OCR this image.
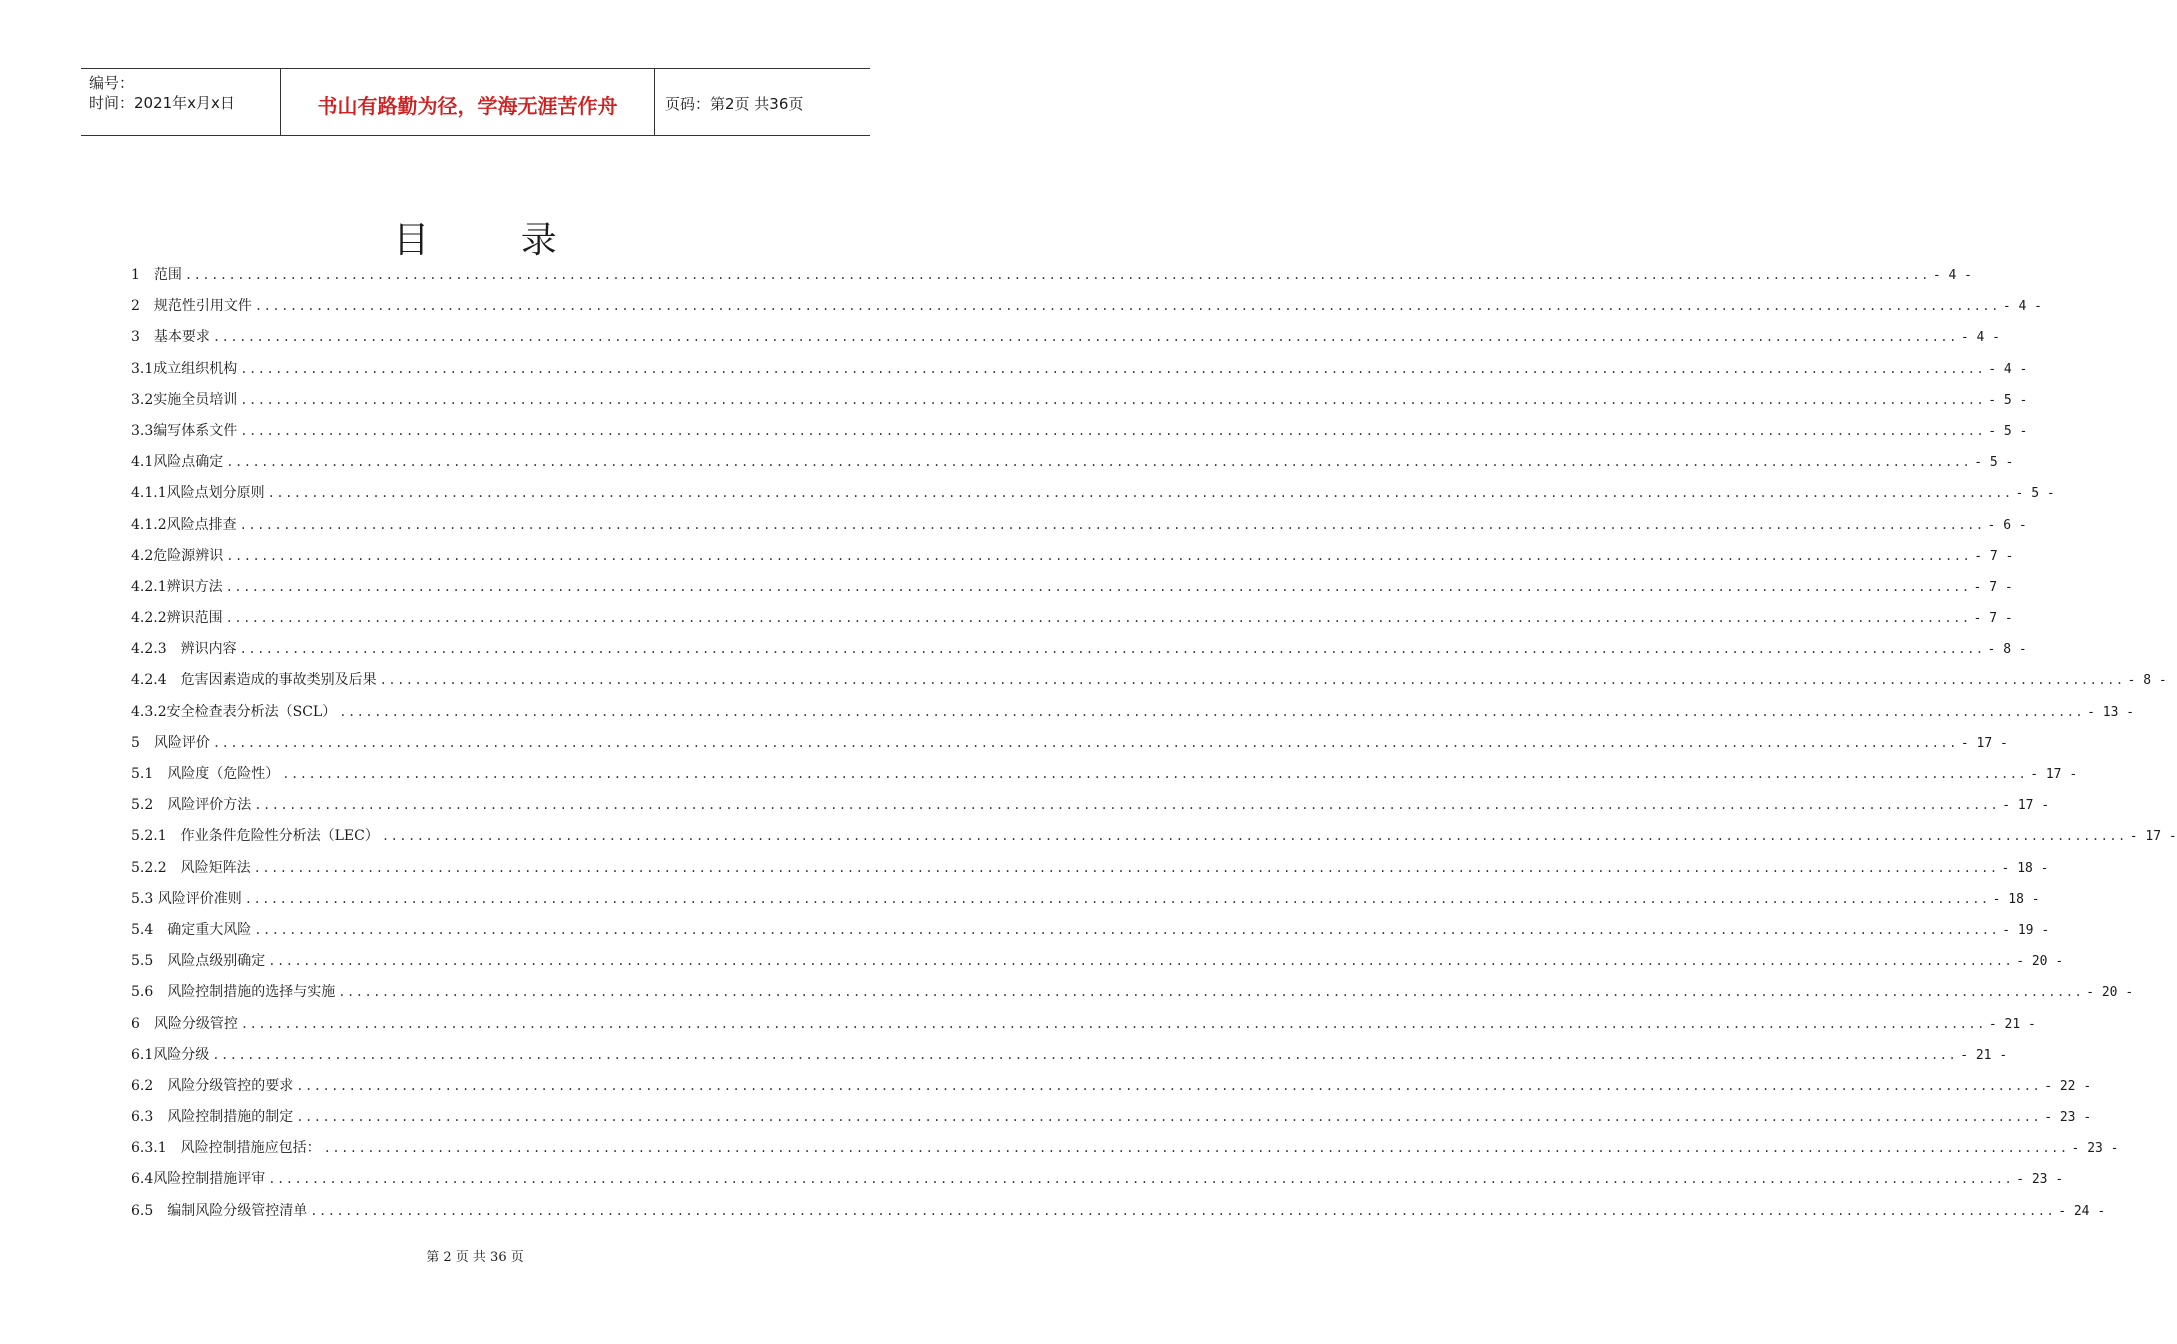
编号：
时间：2021年x月x日	书山有路勤为径，学海无涯苦作舟	页码：第2页 共36页
目 录
1　范围 ........................................................................................................................................................................................................ - 4 -
2　规范性引用文件 ........................................................................................................................................................................................................ - 4 -
3　基本要求 ........................................................................................................................................................................................................ - 4 -
3.1成立组织机构 ........................................................................................................................................................................................................ - 4 -
3.2实施全员培训 ........................................................................................................................................................................................................ - 5 -
3.3编写体系文件 ........................................................................................................................................................................................................ - 5 -
4.1风险点确定 ........................................................................................................................................................................................................ - 5 -
4.1.1风险点划分原则 ........................................................................................................................................................................................................ - 5 -
4.1.2风险点排查 ........................................................................................................................................................................................................ - 6 -
4.2危险源辨识 ........................................................................................................................................................................................................ - 7 -
4.2.1辨识方法 ........................................................................................................................................................................................................ - 7 -
4.2.2辨识范围 ........................................................................................................................................................................................................ - 7 -
4.2.3　辨识内容 ........................................................................................................................................................................................................ - 8 -
4.2.4　危害因素造成的事故类别及后果 ........................................................................................................................................................................................................ - 8 -
4.3.2安全检查表分析法（SCL） ........................................................................................................................................................................................................ - 13 -
5　风险评价 ........................................................................................................................................................................................................ - 17 -
5.1　风险度（危险性） ........................................................................................................................................................................................................ - 17 -
5.2　风险评价方法 ........................................................................................................................................................................................................ - 17 -
5.2.1　作业条件危险性分析法（LEC） ........................................................................................................................................................................................................ - 17 -
5.2.2　风险矩阵法 ........................................................................................................................................................................................................ - 18 -
5.3 风险评价准则 ........................................................................................................................................................................................................ - 18 -
5.4　确定重大风险 ........................................................................................................................................................................................................ - 19 -
5.5　风险点级别确定 ........................................................................................................................................................................................................ - 20 -
5.6　风险控制措施的选择与实施 ........................................................................................................................................................................................................ - 20 -
6　风险分级管控 ........................................................................................................................................................................................................ - 21 -
6.1风险分级 ........................................................................................................................................................................................................ - 21 -
6.2　风险分级管控的要求 ........................................................................................................................................................................................................ - 22 -
6.3　风险控制措施的制定 ........................................................................................................................................................................................................ - 23 -
6.3.1　风险控制措施应包括： ........................................................................................................................................................................................................ - 23 -
6.4风险控制措施评审 ........................................................................................................................................................................................................ - 23 -
6.5　编制风险分级管控清单 ........................................................................................................................................................................................................ - 24 -
第 2 页 共 36 页
